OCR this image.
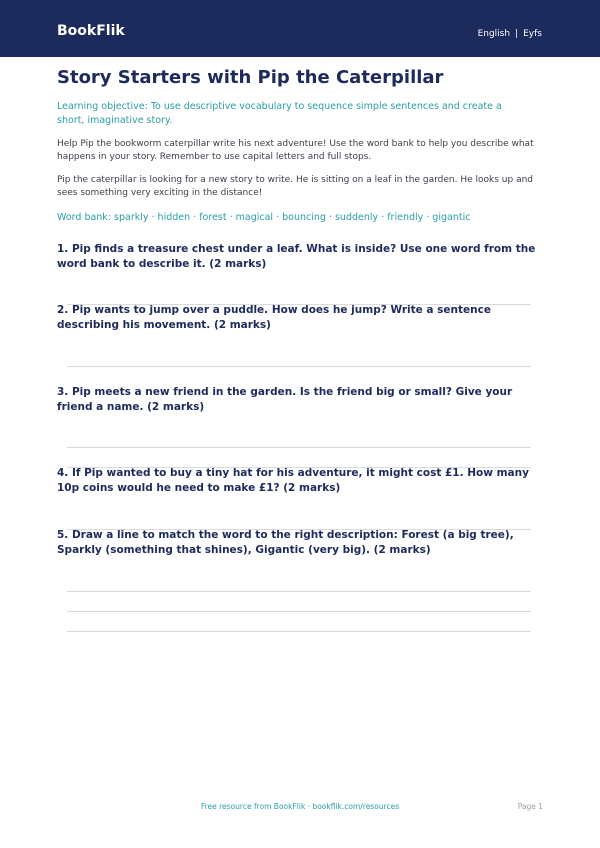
BookFlik	English | Eyfs
Story Starters with Pip the Caterpillar
Learning objective: To use descriptive vocabulary to sequence simple sentences and create a short, imaginative story.
Help Pip the bookworm caterpillar write his next adventure! Use the word bank to help you describe what happens in your story. Remember to use capital letters and full stops.
Pip the caterpillar is looking for a new story to write. He is sitting on a leaf in the garden. He looks up and sees something very exciting in the distance!
Word bank: sparkly · hidden · forest · magical · bouncing · suddenly · friendly · gigantic
1. Pip finds a treasure chest under a leaf. What is inside? Use one word from the word bank to describe it. (2 marks)
2. Pip wants to jump over a puddle. How does he jump? Write a sentence describing his movement. (2 marks)
3. Pip meets a new friend in the garden. Is the friend big or small? Give your friend a name. (2 marks)
4. If Pip wanted to buy a tiny hat for his adventure, it might cost £1. How many 10p coins would he need to make £1? (2 marks)
5. Draw a line to match the word to the right description: Forest (a big tree), Sparkly (something that shines), Gigantic (very big). (2 marks)
Free resource from BookFlik · bookflik.com/resources	Page 1
